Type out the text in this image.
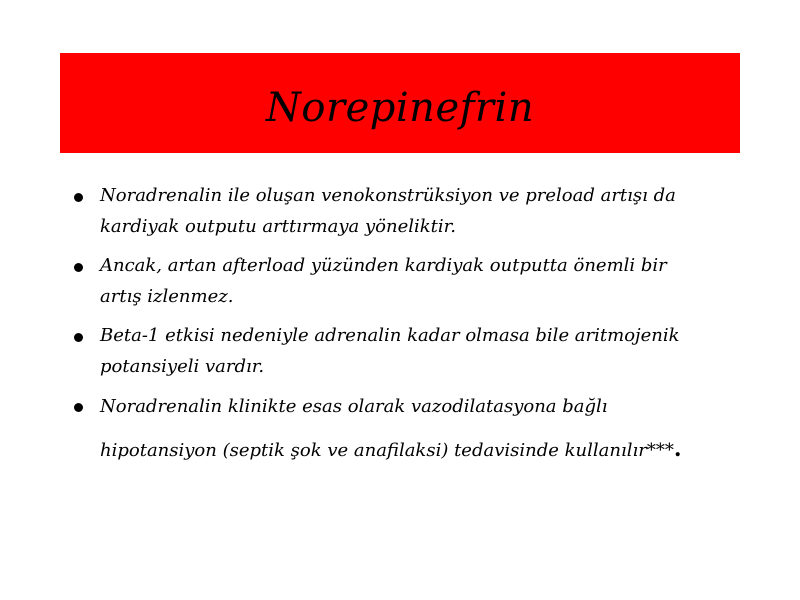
Norepinefrin
Noradrenalin ile oluşan venokonstrüksiyon ve preload artışı da kardiyak outputu arttırmaya yöneliktir.
Ancak, artan afterload yüzünden kardiyak outputta önemli bir artış izlenmez.
Beta-1 etkisi nedeniyle adrenalin kadar olmasa bile aritmojenik potansiyeli vardır.
Noradrenalin klinikte esas olarak vazodilatasyona bağlı hipotansiyon (septik şok ve anafilaksi) tedavisinde kullanılır***.
